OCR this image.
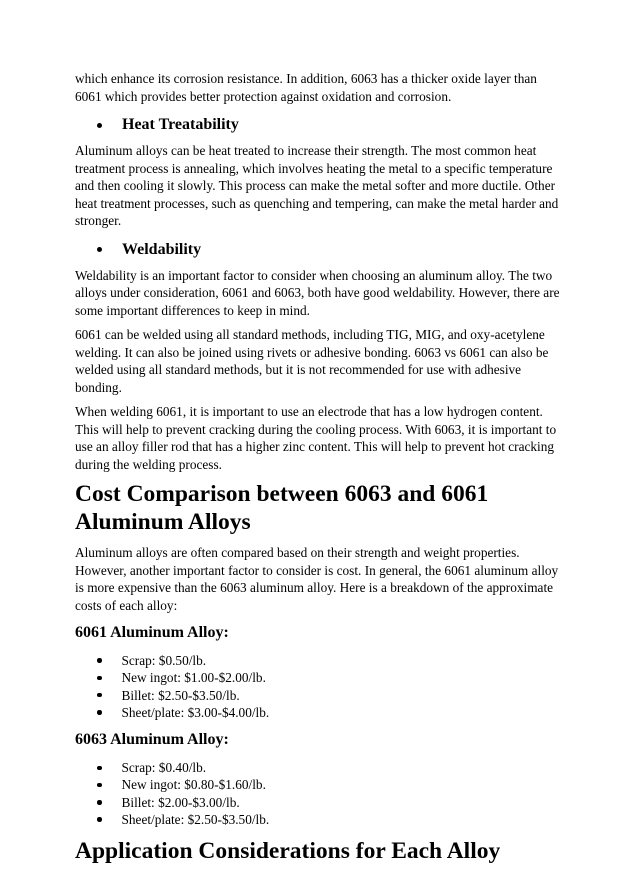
which enhance its corrosion resistance. In addition, 6063 has a thicker oxide layer than 6061 which provides better protection against oxidation and corrosion.

Heat Treatability

Aluminum alloys can be heat treated to increase their strength. The most common heat treatment process is annealing, which involves heating the metal to a specific temperature and then cooling it slowly. This process can make the metal softer and more ductile. Other heat treatment processes, such as quenching and tempering, can make the metal harder and stronger.

Weldability

Weldability is an important factor to consider when choosing an aluminum alloy. The two alloys under consideration, 6061 and 6063, both have good weldability. However, there are some important differences to keep in mind.

6061 can be welded using all standard methods, including TIG, MIG, and oxy-acetylene welding. It can also be joined using rivets or adhesive bonding. 6063 vs 6061 can also be welded using all standard methods, but it is not recommended for use with adhesive bonding.

When welding 6061, it is important to use an electrode that has a low hydrogen content. This will help to prevent cracking during the cooling process. With 6063, it is important to use an alloy filler rod that has a higher zinc content. This will help to prevent hot cracking during the welding process.

Cost Comparison between 6063 and 6061 Aluminum Alloys

Aluminum alloys are often compared based on their strength and weight properties. However, another important factor to consider is cost. In general, the 6061 aluminum alloy is more expensive than the 6063 aluminum alloy. Here is a breakdown of the approximate costs of each alloy:

6061 Aluminum Alloy:
Scrap: $0.50/lb.
New ingot: $1.00-$2.00/lb.
Billet: $2.50-$3.50/lb.
Sheet/plate: $3.00-$4.00/lb.
6063 Aluminum Alloy:
Scrap: $0.40/lb.
New ingot: $0.80-$1.60/lb.
Billet: $2.00-$3.00/lb.
Sheet/plate: $2.50-$3.50/lb.
Application Considerations for Each Alloy
